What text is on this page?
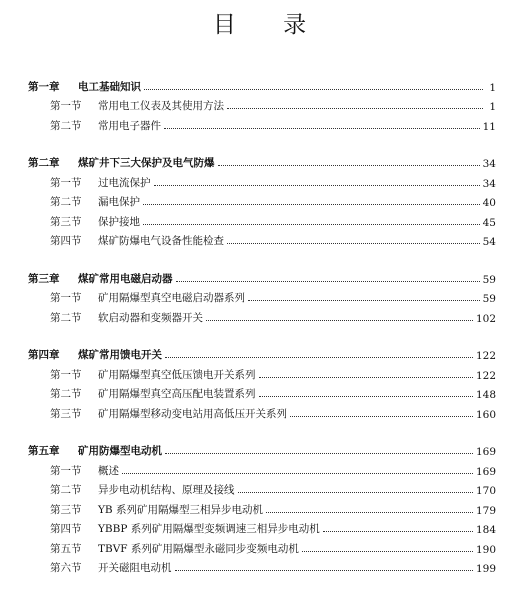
目 录
第一章	电工基础知识	1
第一节	常用电工仪表及其使用方法	1
第二节	常用电子器件	11
第二章	煤矿井下三大保护及电气防爆	34
第一节	过电流保护	34
第二节	漏电保护	40
第三节	保护接地	45
第四节	煤矿防爆电气设备性能检查	54
第三章	煤矿常用电磁启动器	59
第一节	矿用隔爆型真空电磁启动器系列	59
第二节	软启动器和变频器开关	102
第四章	煤矿常用馈电开关	122
第一节	矿用隔爆型真空低压馈电开关系列	122
第二节	矿用隔爆型真空高压配电装置系列	148
第三节	矿用隔爆型移动变电站用高低压开关系列	160
第五章	矿用防爆型电动机	169
第一节	概述	169
第二节	异步电动机结构、原理及接线	170
第三节	YB 系列矿用隔爆型三相异步电动机	179
第四节	YBBP 系列矿用隔爆型变频调速三相异步电动机	184
第五节	TBVF 系列矿用隔爆型永磁同步变频电动机	190
第六节	开关磁阻电动机	199
